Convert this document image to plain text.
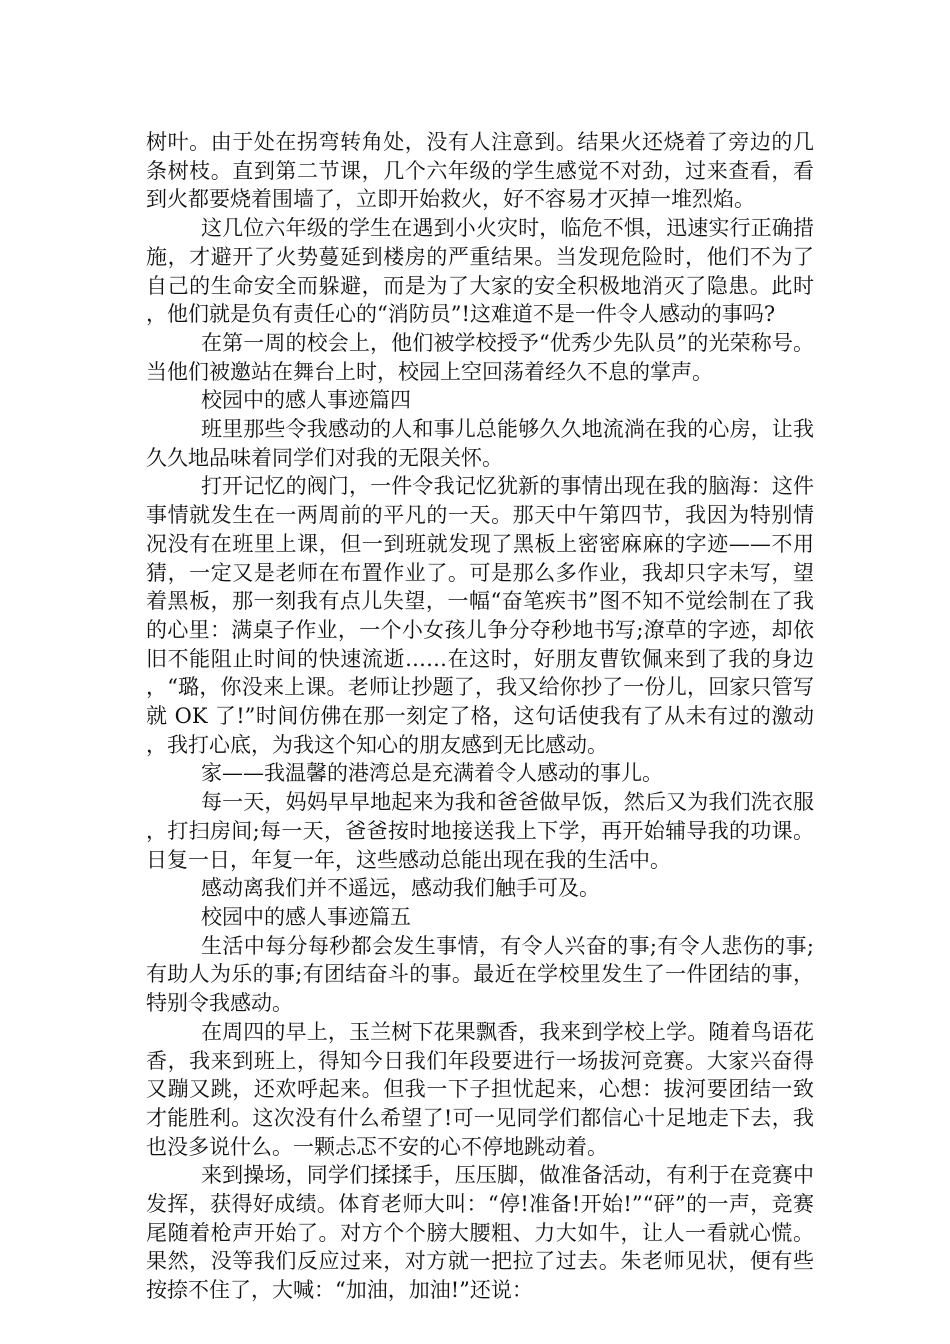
树叶。由于处在拐弯转角处，没有人注意到。结果火还烧着了旁边的几条树枝。直到第二节课，几个六年级的学生感觉不对劲，过来查看，看到火都要烧着围墙了，立即开始救火，好不容易才灭掉一堆烈焰。

这几位六年级的学生在遇到小火灾时，临危不惧，迅速实行正确措施，才避开了火势蔓延到楼房的严重结果。当发现危险时，他们不为了自己的生命安全而躲避，而是为了大家的安全积极地消灭了隐患。此时，他们就是负有责任心的“消防员”!这难道不是一件令人感动的事吗?

在第一周的校会上，他们被学校授予“优秀少先队员”的光荣称号。当他们被邀站在舞台上时，校园上空回荡着经久不息的掌声。

校园中的感人事迹篇四

班里那些令我感动的人和事儿总能够久久地流淌在我的心房，让我久久地品味着同学们对我的无限关怀。

打开记忆的阀门，一件令我记忆犹新的事情出现在我的脑海：这件事情就发生在一两周前的平凡的一天。那天中午第四节，我因为特别情况没有在班里上课，但一到班就发现了黑板上密密麻麻的字迹——不用猜，一定又是老师在布置作业了。可是那么多作业，我却只字未写，望着黑板，那一刻我有点儿失望，一幅“奋笔疾书”图不知不觉绘制在了我的心里：满桌子作业，一个小女孩儿争分夺秒地书写;潦草的字迹，却依旧不能阻止时间的快速流逝……在这时，好朋友曹钦佩来到了我的身边，“璐，你没来上课。老师让抄题了，我又给你抄了一份儿，回家只管写就 OK 了!”时间仿佛在那一刻定了格，这句话使我有了从未有过的激动，我打心底，为我这个知心的朋友感到无比感动。

家——我温馨的港湾总是充满着令人感动的事儿。

每一天，妈妈早早地起来为我和爸爸做早饭，然后又为我们洗衣服，打扫房间;每一天，爸爸按时地接送我上下学，再开始辅导我的功课。日复一日，年复一年，这些感动总能出现在我的生活中。

感动离我们并不遥远，感动我们触手可及。

校园中的感人事迹篇五

生活中每分每秒都会发生事情，有令人兴奋的事;有令人悲伤的事;有助人为乐的事;有团结奋斗的事。最近在学校里发生了一件团结的事，特别令我感动。

在周四的早上，玉兰树下花果飘香，我来到学校上学。随着鸟语花香，我来到班上，得知今日我们年段要进行一场拔河竞赛。大家兴奋得又蹦又跳，还欢呼起来。但我一下子担忧起来，心想：拔河要团结一致才能胜利。这次没有什么希望了!可一见同学们都信心十足地走下去，我也没多说什么。一颗忐忑不安的心不停地跳动着。

来到操场，同学们揉揉手，压压脚，做准备活动，有利于在竞赛中发挥，获得好成绩。体育老师大叫：“停!准备!开始!”“砰”的一声，竞赛尾随着枪声开始了。对方个个膀大腰粗、力大如牛，让人一看就心慌。果然，没等我们反应过来，对方就一把拉了过去。朱老师见状，便有些按捺不住了，大喊：“加油，加油!”还说：
